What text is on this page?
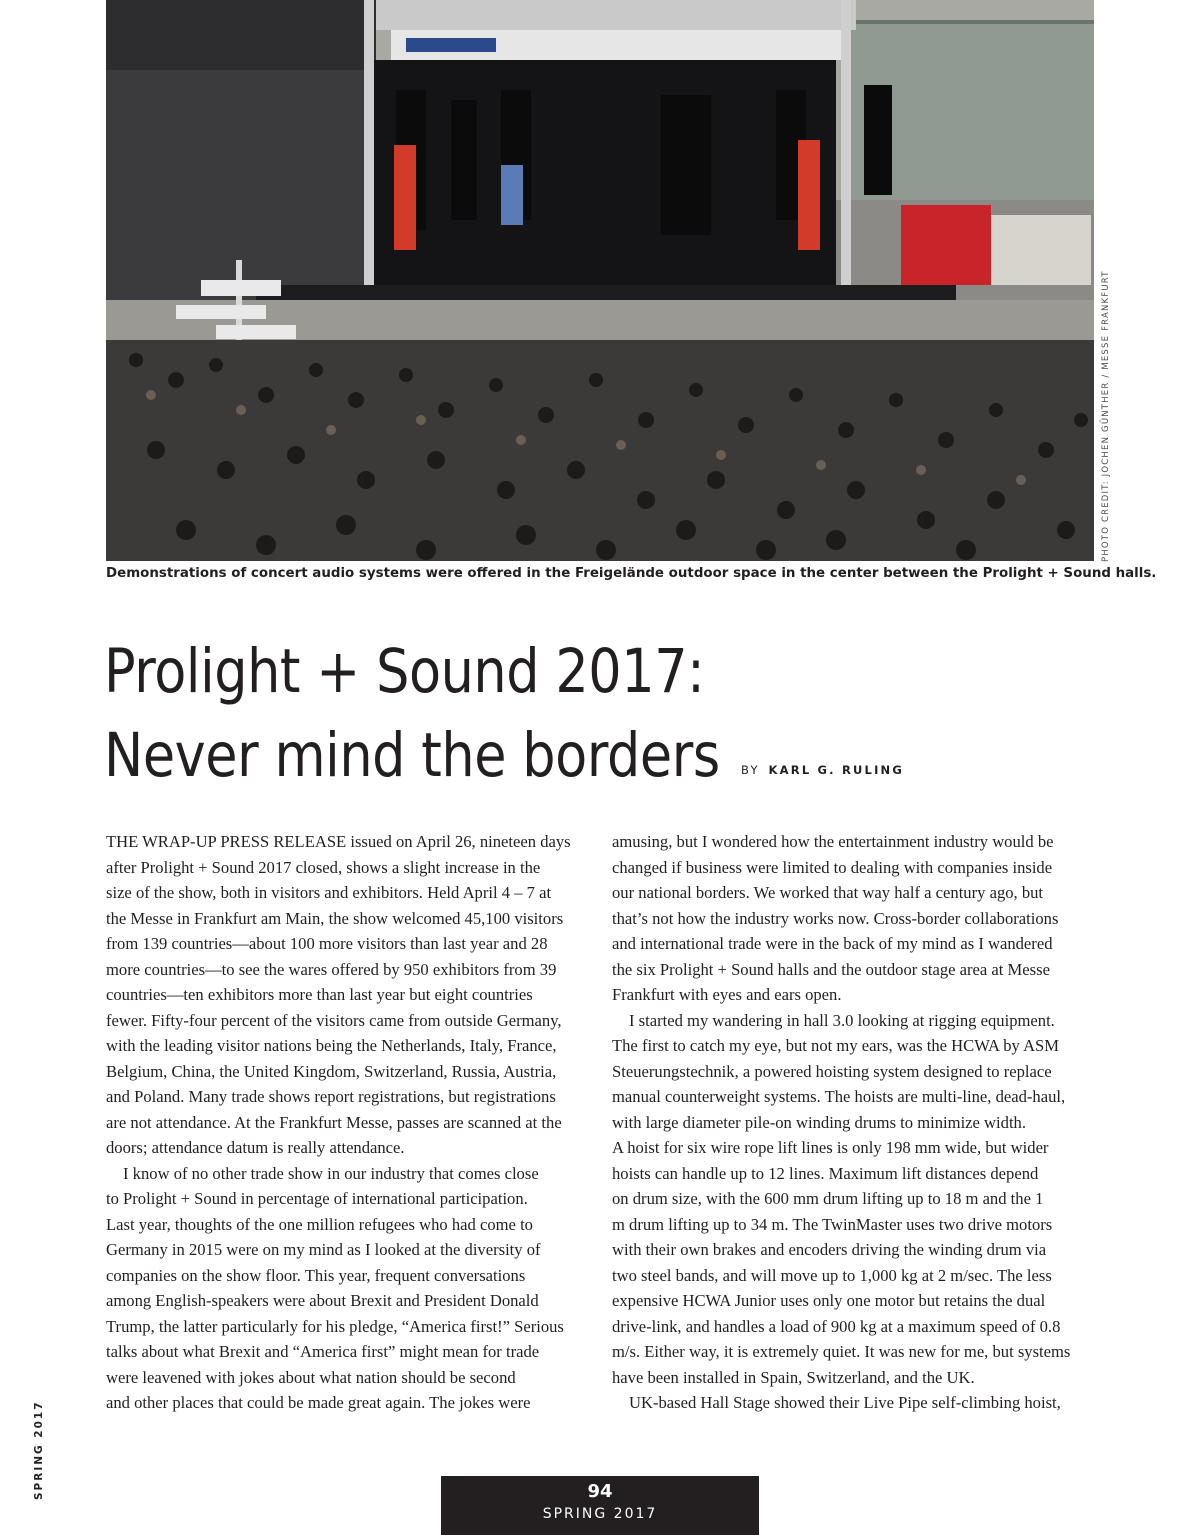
PHOTO CREDIT: JOCHEN GÜNTHER / MESSE FRANKFURT
Demonstrations of concert audio systems were offered in the Freigelände outdoor space in the center between the Prolight + Sound halls.
Prolight + Sound 2017:
Never mind the borders BY KARL G. RULING
THE WRAP-UP PRESS RELEASE issued on April 26, nineteen days
after Prolight + Sound 2017 closed, shows a slight increase in the
size of the show, both in visitors and exhibitors. Held April 4 – 7 at
the Messe in Frankfurt am Main, the show welcomed 45,100 visitors
from 139 countries—about 100 more visitors than last year and 28
more countries—to see the wares offered by 950 exhibitors from 39
countries—ten exhibitors more than last year but eight countries
fewer. Fifty-four percent of the visitors came from outside Germany,
with the leading visitor nations being the Netherlands, Italy, France,
Belgium, China, the United Kingdom, Switzerland, Russia, Austria,
and Poland. Many trade shows report registrations, but registrations
are not attendance. At the Frankfurt Messe, passes are scanned at the
doors; attendance datum is really attendance.
I know of no other trade show in our industry that comes close
to Prolight + Sound in percentage of international participation.
Last year, thoughts of the one million refugees who had come to
Germany in 2015 were on my mind as I looked at the diversity of
companies on the show floor. This year, frequent conversations
among English-speakers were about Brexit and President Donald
Trump, the latter particularly for his pledge, “America first!” Serious
talks about what Brexit and “America first” might mean for trade
were leavened with jokes about what nation should be second
and other places that could be made great again. The jokes were
amusing, but I wondered how the entertainment industry would be
changed if business were limited to dealing with companies inside
our national borders. We worked that way half a century ago, but
that’s not how the industry works now. Cross-border collaborations
and international trade were in the back of my mind as I wandered
the six Prolight + Sound halls and the outdoor stage area at Messe
Frankfurt with eyes and ears open.
I started my wandering in hall 3.0 looking at rigging equipment.
The first to catch my eye, but not my ears, was the HCWA by ASM
Steuerungstechnik, a powered hoisting system designed to replace
manual counterweight systems. The hoists are multi-line, dead-haul,
with large diameter pile-on winding drums to minimize width.
A hoist for six wire rope lift lines is only 198 mm wide, but wider
hoists can handle up to 12 lines. Maximum lift distances depend
on drum size, with the 600 mm drum lifting up to 18 m and the 1
m drum lifting up to 34 m. The TwinMaster uses two drive motors
with their own brakes and encoders driving the winding drum via
two steel bands, and will move up to 1,000 kg at 2 m/sec. The less
expensive HCWA Junior uses only one motor but retains the dual
drive-link, and handles a load of 900 kg at a maximum speed of 0.8
m/s. Either way, it is extremely quiet. It was new for me, but systems
have been installed in Spain, Switzerland, and the UK.
UK-based Hall Stage showed their Live Pipe self-climbing hoist,
SPRING 2017	94
SPRING 2017
